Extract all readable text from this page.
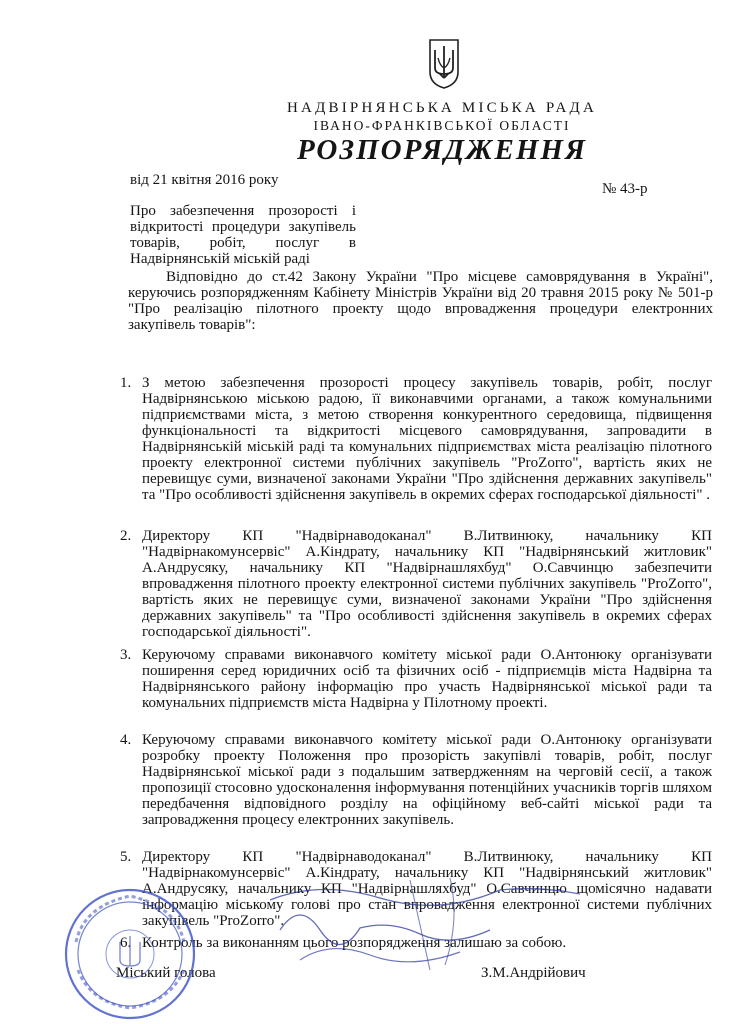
НАДВІРНЯНСЬКА МІСЬКА РАДА
ІВАНО-ФРАНКІВСЬКОЇ ОБЛАСТІ
РОЗПОРЯДЖЕННЯ
від 21 квітня 2016 року
№ 43-р
Про забезпечення прозорості і відкритості процедури закупівель товарів, робіт, послуг в Надвірнянській міській раді
Відповідно до ст.42 Закону України "Про місцеве самоврядування в Україні", керуючись розпорядженням Кабінету Міністрів України від 20 травня 2015 року № 501-р "Про реалізацію пілотного проекту щодо впровадження процедури електронних закупівель товарів":
1. З метою забезпечення прозорості процесу закупівель товарів, робіт, послуг Надвірнянською міською радою, її виконавчими органами, а також комунальними підприємствами міста, з метою створення конкурентного середовища, підвищення функціональності та відкритості місцевого самоврядування, запровадити в Надвірнянській міській раді та комунальних підприємствах міста реалізацію пілотного проекту електронної системи публічних закупівель "ProZorro", вартість яких не перевищує суми, визначеної законами України "Про здійснення державних закупівель" та "Про особливості здійснення закупівель в окремих сферах господарської діяльності" .
2. Директору КП "Надвірнаводоканал" В.Литвинюку, начальнику КП "Надвірнакомунсервіс" А.Кіндрату, начальнику КП "Надвірнянський житловик" А.Андрусяку, начальнику КП "Надвірнашляхбуд" О.Савчинцю забезпечити впровадження пілотного проекту електронної системи публічних закупівель "ProZorro", вартість яких не перевищує суми, визначеної законами України "Про здійснення державних закупівель" та "Про особливості здійснення закупівель в окремих сферах господарської діяльності".
3. Керуючому справами виконавчого комітету міської ради О.Антонюку організувати поширення серед юридичних осіб та фізичних осіб - підприємців міста Надвірна та Надвірнянського району інформацію про участь Надвірнянської міської ради та комунальних підприємств міста Надвірна у Пілотному проекті.
4. Керуючому справами виконавчого комітету міської ради О.Антонюку організувати розробку проекту Положення про прозорість закупівлі товарів, робіт, послуг Надвірнянської міської ради з подальшим затвердженням на черговій сесії, а також пропозиції стосовно удосконалення інформування потенційних учасників торгів шляхом передбачення відповідного розділу на офіційному веб-сайті міської ради та запровадження процесу електронних закупівель.
5. Директору КП "Надвірнаводоканал" В.Литвинюку, начальнику КП "Надвірнакомунсервіс" А.Кіндрату, начальнику КП "Надвірнянський житловик" А.Андрусяку, начальнику КП "Надвірнашляхбуд" О.Савчинцю щомісячно надавати інформацію міському голові про стан впровадження електронної системи публічних закупівель "ProZorro".
6. Контроль за виконанням цього розпорядження залишаю за собою.
Міський голова	З.М.Андрійович
